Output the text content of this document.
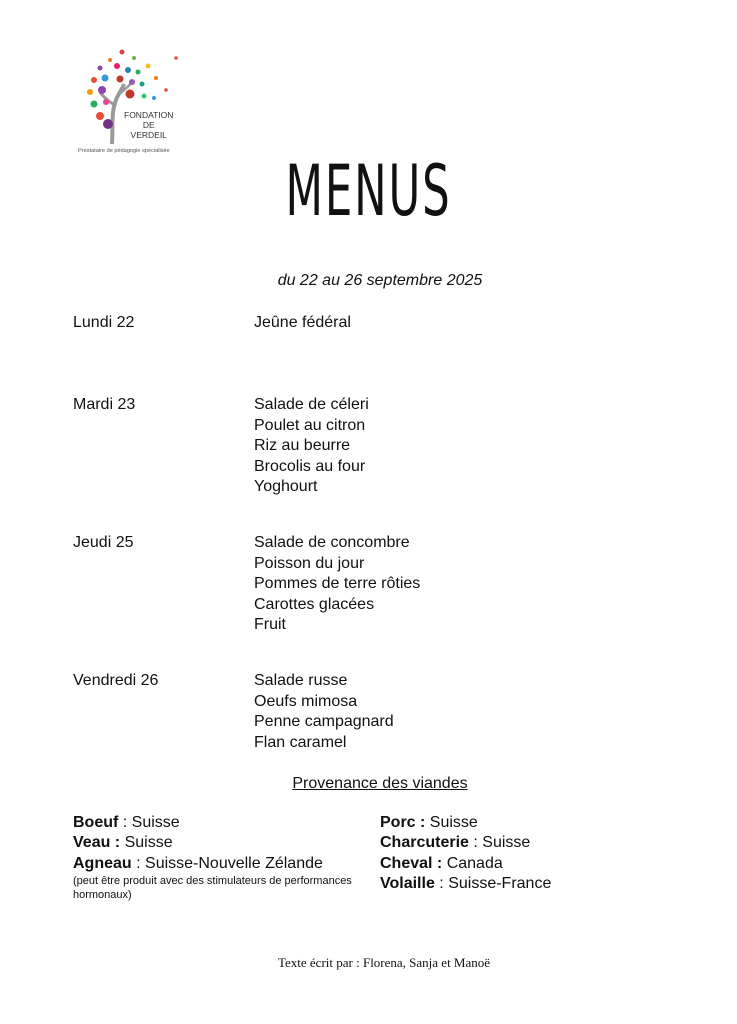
FONDATION
DE
VERDEIL
Prestataire de pédagogie spécialisée	MENUS
du 22 au 26 septembre 2025
Lundi 22	Jeûne fédéral
Mardi 23	Salade de céleri
Poulet au citron
Riz au beurre
Brocolis au four
Yoghourt
Jeudi 25	Salade de concombre
Poisson du jour
Pommes de terre rôties
Carottes glacées
Fruit
Vendredi 26	Salade russe
Oeufs mimosa
Penne campagnard
Flan caramel
Provenance des viandes
Boeuf : Suisse
Veau : Suisse
Agneau : Suisse-Nouvelle Zélande
(peut être produit avec des stimulateurs de performances hormonaux)
Porc : Suisse
Charcuterie : Suisse
Cheval : Canada
Volaille : Suisse-France
Texte écrit par : Florena, Sanja et Manoë
